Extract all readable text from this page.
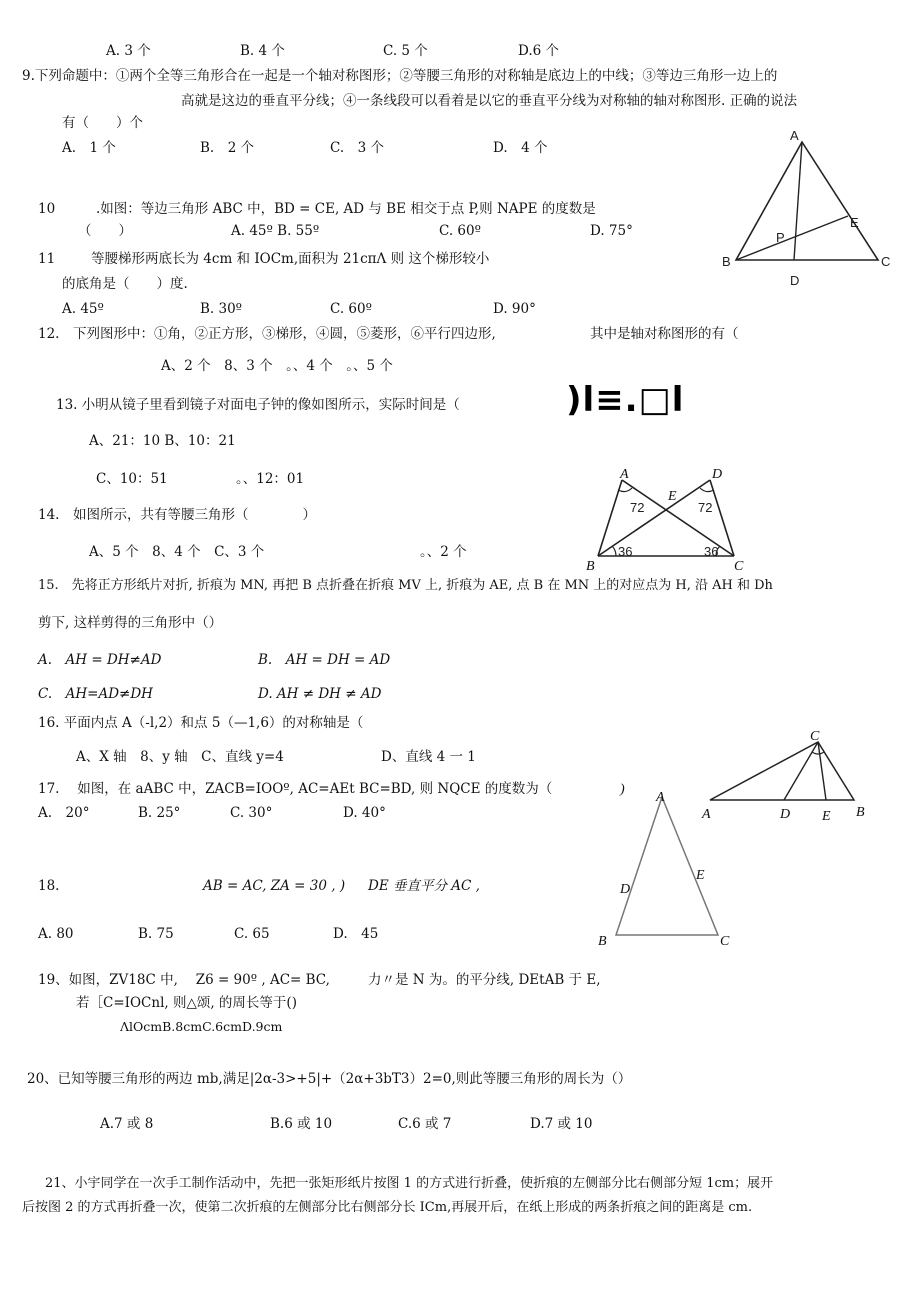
A. 3 个	B. 4 个	C. 5 个	D.6 个
9.下列命题中：①两个全等三角形合在一起是一个轴对称图形；②等腰三角形的对称轴是底边上的中线；③等边三角形一边上的
高就是这边的垂直平分线；④一条线段可以看着是以它的垂直平分线为对称轴的轴对称图形. 正确的说法
有（　　）个
A.　1 个	B.　2 个	C.　3 个	D.　4 个
A
B	C
D
E
P
10	.如图：等边三角形 ABC 中，BD = CE, AD 与 BE 相交于点 P,则 NAPE 的度数是
（　　）	A. 45º B. 55º	C. 60º	D. 75°
11	等腰梯形两底长为 4cm 和 IOCm,面积为 21cπΛ 则 这个梯形较小
的底角是（　　）度.
A. 45º	B. 30º	C. 60º	D. 90°
12.　下列图形中：①角，②正方形，③梯形，④圆，⑤菱形，⑥平行四边形,	其中是轴对称图形的有（
A、2 个　8、3 个　。、4 个　。、5 个
13. 小明从镜子里看到镜子对面电子钟的像如图所示，实际时间是（	)l≡.□l
A、21：10 B、10：21
C、10：51	。、12：01	A	D
E
B	C
72	72
36	36
14.　如图所示，共有等腰三角形（　　　　）
A、5 个　8、4 个　C、3 个	。、2 个
15.　先将正方形纸片对折, 折痕为 MN, 再把 B 点折叠在折痕 MV 上, 折痕为 AE, 点 B 在 MN 上的对应点为 H, 沿 AH 和 Dh
剪下, 这样剪得的三角形中（）
A.　AH = DH≠AD	B.　AH = DH = AD
C.　AH=AD≠DH	D. AH ≠ DH ≠ AD
16. 平面内点 A（-l,2）和点 5（—1,6）的对称轴是（
A、X 轴　8、y 轴　C、直线 y=4	D、直线 4 一 1
C
A	D E B
17.　 如图，在 aABC 中，ZACB=IOOº, AC=AEt BC=BD, 则 NQCE 的度数为（
A.　20°	B. 25°	C. 30°	D. 40°
)
A
D
E
B	C
18.	AB = AC, ZA = 30 , ) DE 垂直平分 AC ,
A. 80	B. 75	C. 65	D.　45
19、如图，ZV18C 中,　 Z6 = 90º , AC= BC,	力〃是 N 为。的平分线, DEtAB 于 E,
若［C=IOCnl, 则△颂, 的周长等于()
ΛlOcmB.8cmC.6cmD.9cm
20、已知等腰三角形的两边 mb,满足|2α-3>+5|+（2α+3bT3）2=0,则此等腰三角形的周长为（）
A.7 或 8	B.6 或 10	C.6 或 7	D.7 或 10
21、小宇同学在一次手工制作活动中，先把一张矩形纸片按图 1 的方式进行折叠，使折痕的左侧部分比右侧部分短 1cm；展开
后按图 2 的方式再折叠一次，使第二次折痕的左侧部分比右侧部分长 ICm,再展开后，在纸上形成的两条折痕之间的距离是 cm.
